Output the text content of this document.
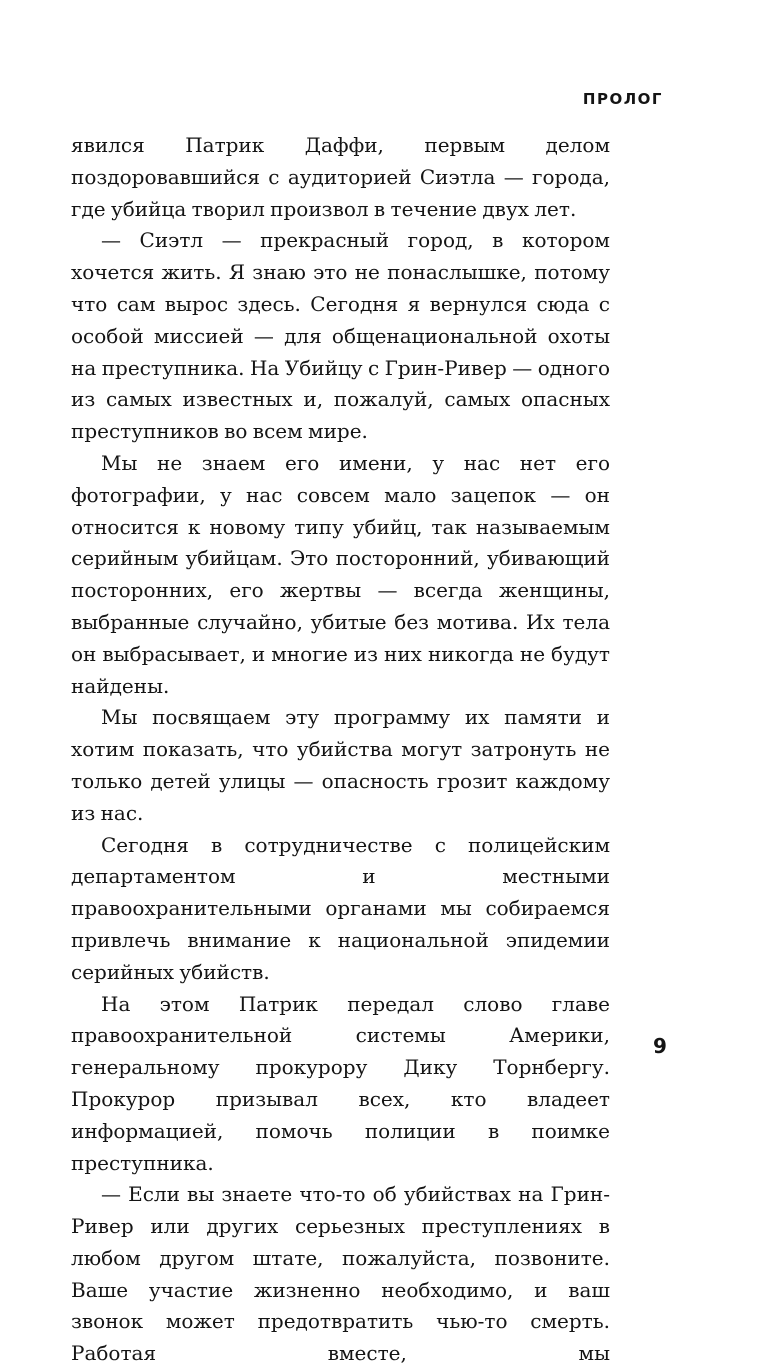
ПРОЛОГ

явился Патрик Даффи, первым делом поздоровавшийся с аудиторией Сиэтла — города, где убийца творил произвол в течение двух лет.

— Сиэтл — прекрасный город, в котором хочется жить. Я знаю это не понаслышке, потому что сам вырос здесь. Сегодня я вернулся сюда с особой миссией — для общенациональной охоты на преступника. На Убийцу с Грин-Ривер — одного из самых известных и, пожалуй, самых опасных преступников во всем мире.

Мы не знаем его имени, у нас нет его фотографии, у нас совсем мало зацепок — он относится к новому типу убийц, так называемым серийным убийцам. Это посторонний, убивающий посторонних, его жертвы — всегда женщины, выбранные случайно, убитые без мотива. Их тела он выбрасывает, и многие из них никогда не будут найдены.

Мы посвящаем эту программу их памяти и хотим показать, что убийства могут затронуть не только детей улицы — опасность грозит каждому из нас.

Сегодня в сотрудничестве с полицейским департаментом и местными правоохранительными органами мы собираемся привлечь внимание к национальной эпидемии серийных убийств.

На этом Патрик передал слово главе правоохранительной системы Америки, генеральному прокурору Дику Торнбергу. Прокурор призывал всех, кто владеет информацией, помочь полиции в поимке преступника.

— Если вы знаете что-то об убийствах на Грин-Ривер или других серьезных преступлениях в любом другом штате, пожалуйста, позвоните. Ваше участие жизненно необходимо, и ваш звонок может предотвратить чью-то смерть. Работая вместе, мы

9
